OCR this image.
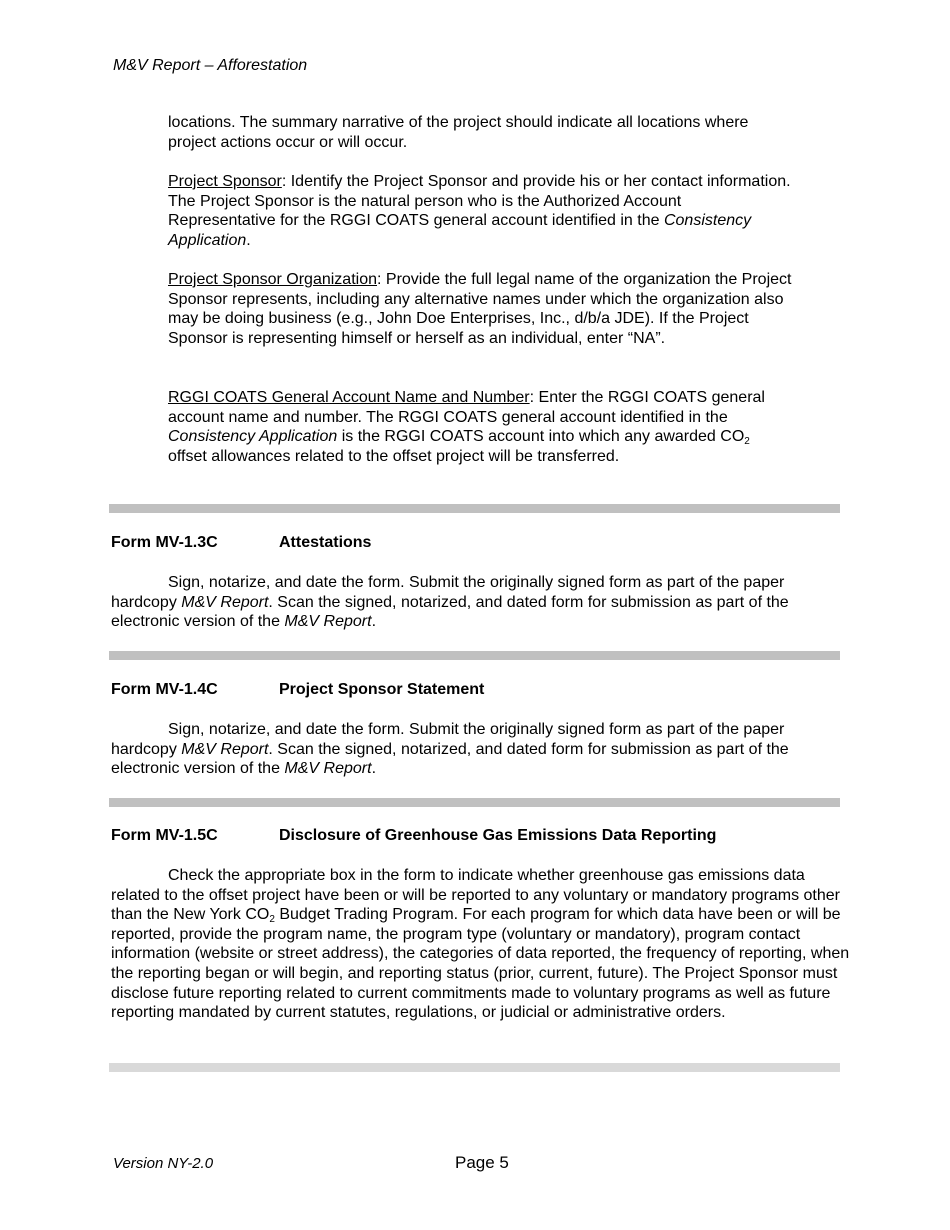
M&V Report – Afforestation
locations. The summary narrative of the project should indicate all locations where project actions occur or will occur.
Project Sponsor: Identify the Project Sponsor and provide his or her contact information. The Project Sponsor is the natural person who is the Authorized Account Representative for the RGGI COATS general account identified in the Consistency Application.
Project Sponsor Organization: Provide the full legal name of the organization the Project Sponsor represents, including any alternative names under which the organization also may be doing business (e.g., John Doe Enterprises, Inc., d/b/a JDE). If the Project Sponsor is representing himself or herself as an individual, enter “NA”.
RGGI COATS General Account Name and Number: Enter the RGGI COATS general account name and number. The RGGI COATS general account identified in the Consistency Application is the RGGI COATS account into which any awarded $CO_2$ offset allowances related to the offset project will be transferred.
Form MV-1.3C	Attestations
Sign, notarize, and date the form. Submit the originally signed form as part of the paper hardcopy M&V Report. Scan the signed, notarized, and dated form for submission as part of the electronic version of the M&V Report.
Form MV-1.4C	Project Sponsor Statement
Sign, notarize, and date the form. Submit the originally signed form as part of the paper hardcopy M&V Report. Scan the signed, notarized, and dated form for submission as part of the electronic version of the M&V Report.
Form MV-1.5C	Disclosure of Greenhouse Gas Emissions Data Reporting
Check the appropriate box in the form to indicate whether greenhouse gas emissions data related to the offset project have been or will be reported to any voluntary or mandatory programs other than the New York $CO_2$ Budget Trading Program. For each program for which data have been or will be reported, provide the program name, the program type (voluntary or mandatory), program contact information (website or street address), the categories of data reported, the frequency of reporting, when the reporting began or will begin, and reporting status (prior, current, future). The Project Sponsor must disclose future reporting related to current commitments made to voluntary programs as well as future reporting mandated by current statutes, regulations, or judicial or administrative orders.
Version NY-2.0	Page 5
